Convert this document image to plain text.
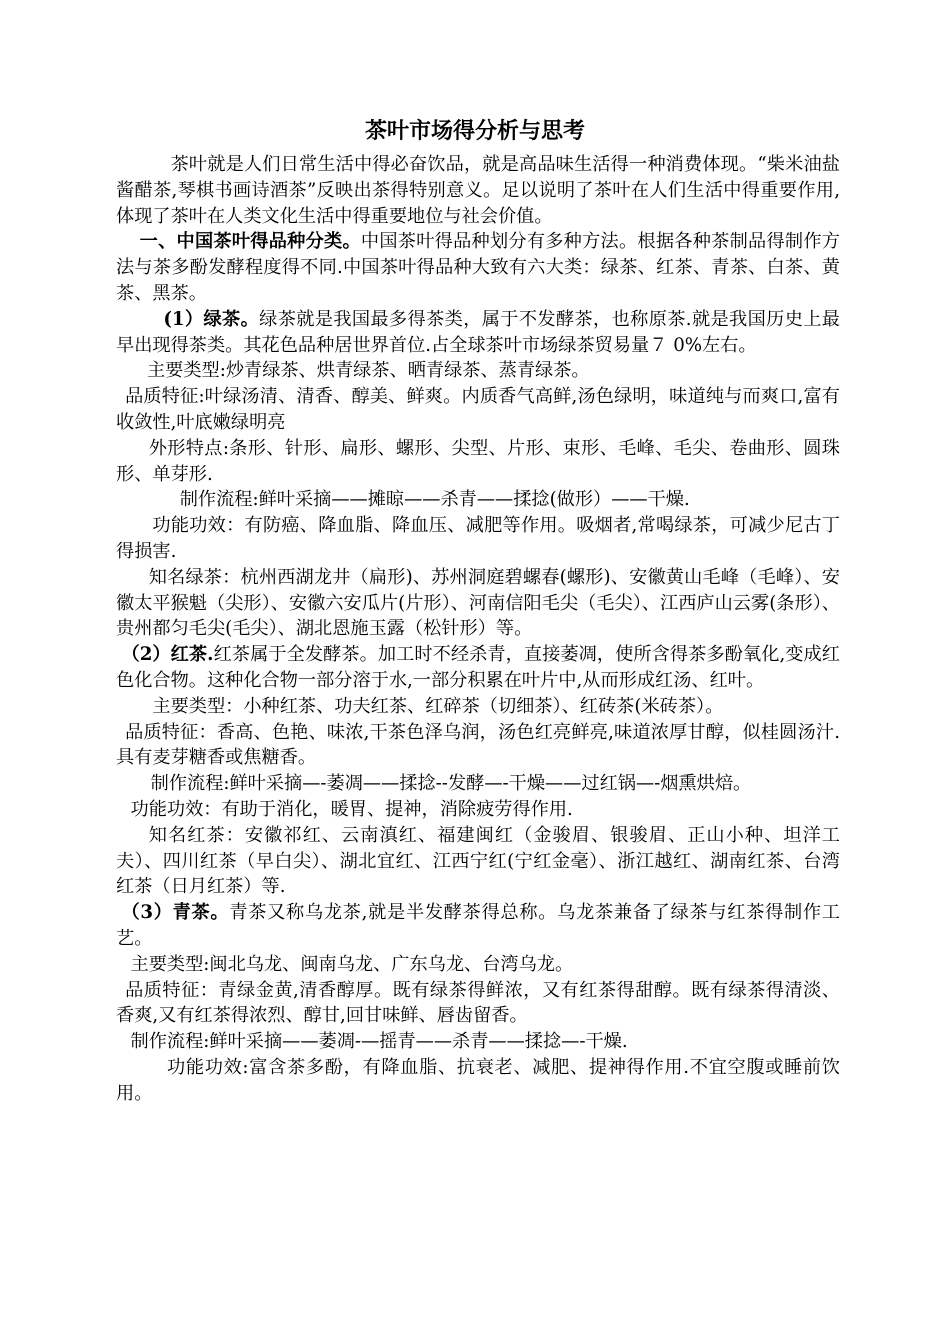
茶叶市场得分析与思考

茶叶就是人们日常生活中得必奋饮品，就是高品味生活得一种消费体现。“柴米油盐酱醋茶,琴棋书画诗酒茶”反映出茶得特别意义。足以说明了茶叶在人们生活中得重要作用,体现了茶叶在人类文化生活中得重要地位与社会价值。

一、中国茶叶得品种分类。中国茶叶得品种划分有多种方法。根据各种茶制品得制作方法与茶多酚发酵程度得不同.中国茶叶得品种大致有六大类：绿茶、红茶、青茶、白茶、黄茶、黑茶。

(1）绿茶。绿茶就是我国最多得茶类，属于不发酵茶，也称原茶.就是我国历史上最早出现得茶类。其花色品种居世界首位.占全球茶叶市场绿茶贸易量７ 0%左右。

主要类型:炒青绿茶、烘青绿茶、晒青绿茶、蒸青绿茶。

品质特征:叶绿汤清、清香、醇美、鲜爽。内质香气高鲜,汤色绿明，味道纯与而爽口,富有收敛性,叶底嫩绿明亮

外形特点:条形、针形、扁形、螺形、尖型、片形、束形、毛峰、毛尖、卷曲形、圆珠形、单芽形.

制作流程:鲜叶采摘——摊晾——杀青——揉捻(做形）——干燥.

功能功效：有防癌、降血脂、降血压、减肥等作用。吸烟者,常喝绿茶，可减少尼古丁得损害.

知名绿茶：杭州西湖龙井（扁形)、苏州洞庭碧螺春(螺形)、安徽黄山毛峰（毛峰）、安徽太平猴魁（尖形）、安徽六安瓜片(片形）、河南信阳毛尖（毛尖）、江西庐山云雾(条形）、贵州都匀毛尖(毛尖）、湖北恩施玉露（松针形）等。

（2）红茶.红茶属于全发酵茶。加工时不经杀青，直接萎凋，使所含得茶多酚氧化,变成红色化合物。这种化合物一部分溶于水,一部分积累在叶片中,从而形成红汤、红叶。

主要类型：小种红茶、功夫红茶、红碎茶（切细茶）、红砖茶(米砖茶）。

品质特征：香高、色艳、味浓,干茶色泽乌润，汤色红亮鲜亮,味道浓厚甘醇，似桂圆汤汁.具有麦芽糖香或焦糖香。

制作流程:鲜叶采摘—-萎凋——揉捻--发酵—-干燥——过红锅—-烟熏烘焙。

功能功效：有助于消化，暖胃、提神，消除疲劳得作用.

知名红茶：安徽祁红、云南滇红、福建闽红（金骏眉、银骏眉、正山小种、坦洋工夫）、四川红茶（早白尖）、湖北宜红、江西宁红(宁红金毫）、浙江越红、湖南红茶、台湾红茶（日月红茶）等.

（3）青茶。青茶又称乌龙茶,就是半发酵茶得总称。乌龙茶兼备了绿茶与红茶得制作工艺。

主要类型:闽北乌龙、闽南乌龙、广东乌龙、台湾乌龙。

品质特征：青绿金黄,清香醇厚。既有绿茶得鲜浓，又有红茶得甜醇。既有绿茶得清淡、香爽,又有红茶得浓烈、醇甘,回甘味鲜、唇齿留香。

制作流程:鲜叶采摘——萎凋-—摇青——杀青——揉捻—-干燥.

功能功效:富含茶多酚，有降血脂、抗衰老、减肥、提神得作用.不宜空腹或睡前饮用。
